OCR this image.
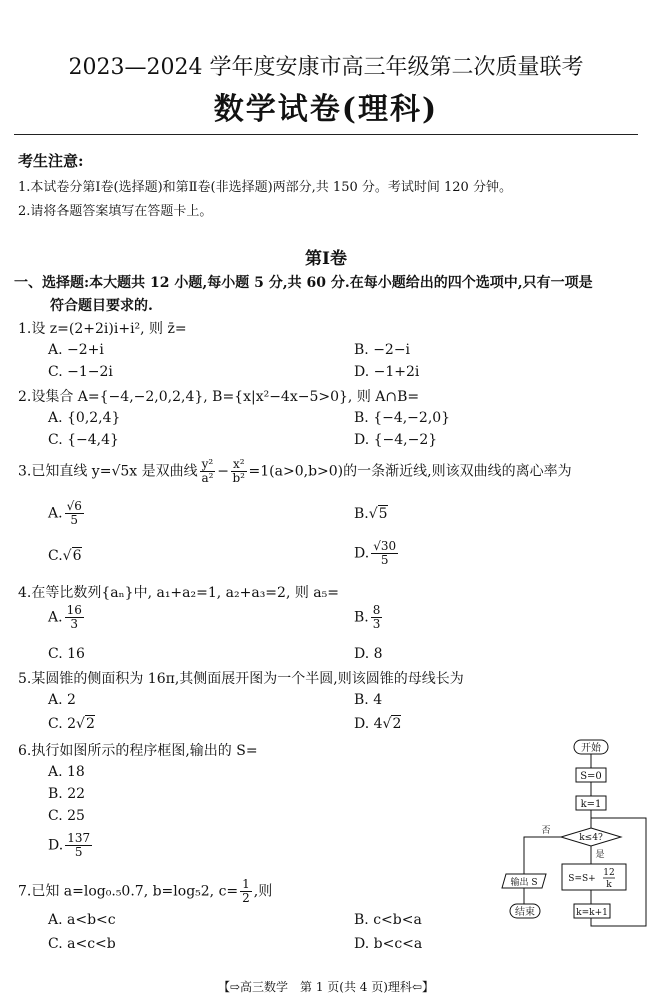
2023—2024 学年度安康市高三年级第二次质量联考
数学试卷(理科)
考生注意:
1.本试卷分第Ⅰ卷(选择题)和第Ⅱ卷(非选择题)两部分,共 150 分。考试时间 120 分钟。
2.请将各题答案填写在答题卡上。
第Ⅰ卷
一、选择题:本大题共 12 小题,每小题 5 分,共 60 分.在每小题给出的四个选项中,只有一项是
符合题目要求的.
1.设 z=(2+2i)i+i², 则 z̄=
A. −2+i	B. −2−i
C. −1−2i	D. −1+2i
2.设集合 A={−4,−2,0,2,4}, B={x|x²−4x−5>0}, 则 A∩B=
A. {0,2,4}	B. {−4,−2,0}
C. {−4,4}	D. {−4,−2}
3.已知直线 y=√5x 是双曲线 $\frac{\text{y²}}{\text{a²}} - \frac{\text{x²}}{\text{b²}} =1(a>0,b>0)$的一条渐近线,则该双曲线的离心率为
A. $\frac{√6}{5}$	B.√5
C.√6	D. $\frac{√30}{5}$
4.在等比数列{aₙ}中, a₁+a₂=1, a₂+a₃=2, 则 a₅=
A. $\frac{16}{3}$	B. $\frac{8}{3}$
C. 16	D. 8
5.某圆锥的侧面积为 16π,其侧面展开图为一个半圆,则该圆锥的母线长为
A. 2	B. 4
C. 2√2	D. 4√2
6.执行如图所示的程序框图,输出的 S=
A. 18
B. 22
C. 25
D. $\frac{137}{5}$
7.已知 a=log₀.₅0.7, b=log₅2, $c= \frac{1}{2}$ ,则
A. a<b<c	B. c<b<a
C. a<c<b	D. b<c<a
开始
S=0
k=1
k≤4?
否
是
S=S+
12
k
k=k+1
输出 S
结束
【⇨高三数学　第 1 页(共 4 页)理科⇦】
